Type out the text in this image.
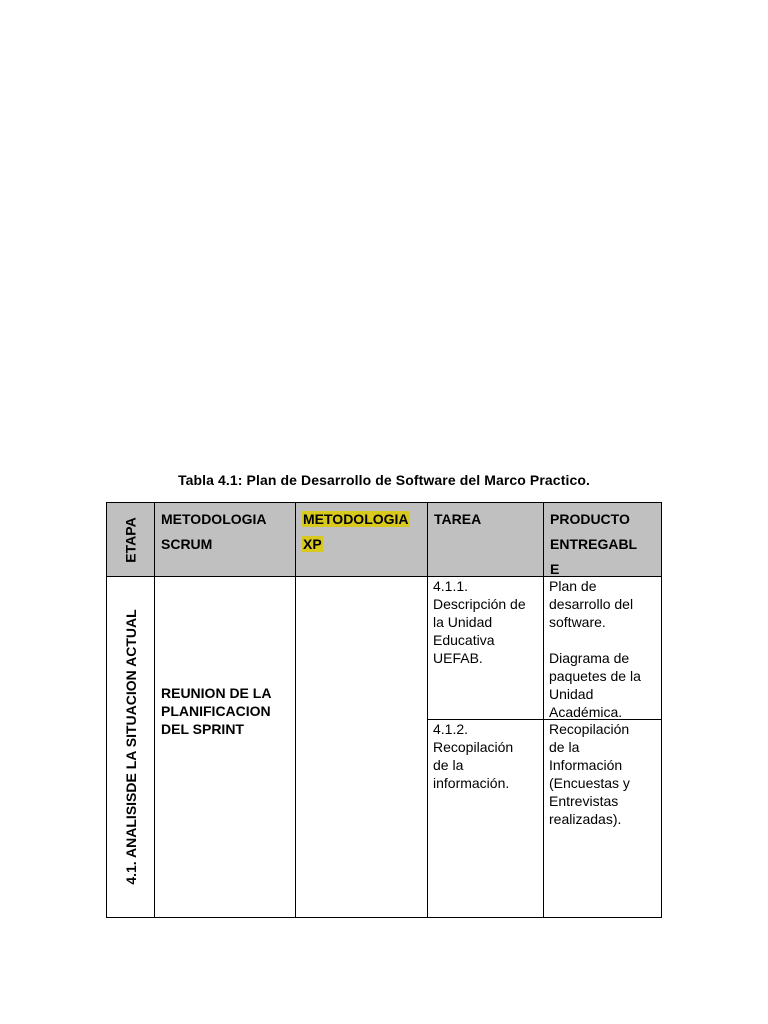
Tabla 4.1: Plan de Desarrollo de Software del Marco Practico.
ETAPA	METODOLOGIA
SCRUM
METODOLOGIA
XP
TAREA	PRODUCTO
ENTREGABL
E
4.1. ANALISISDE LA SITUACION ACTUAL REUNION DE LA
PLANIFICACION
DEL SPRINT
4.1.1.
Descripción de
la Unidad
Educativa
UEFAB.
Plan de
desarrollo del
software.

Diagrama de
paquetes de la
Unidad
Académica.
4.1.2.
Recopilación
de la
información.
Recopilación
de la
Información
(Encuestas y
Entrevistas
realizadas).
